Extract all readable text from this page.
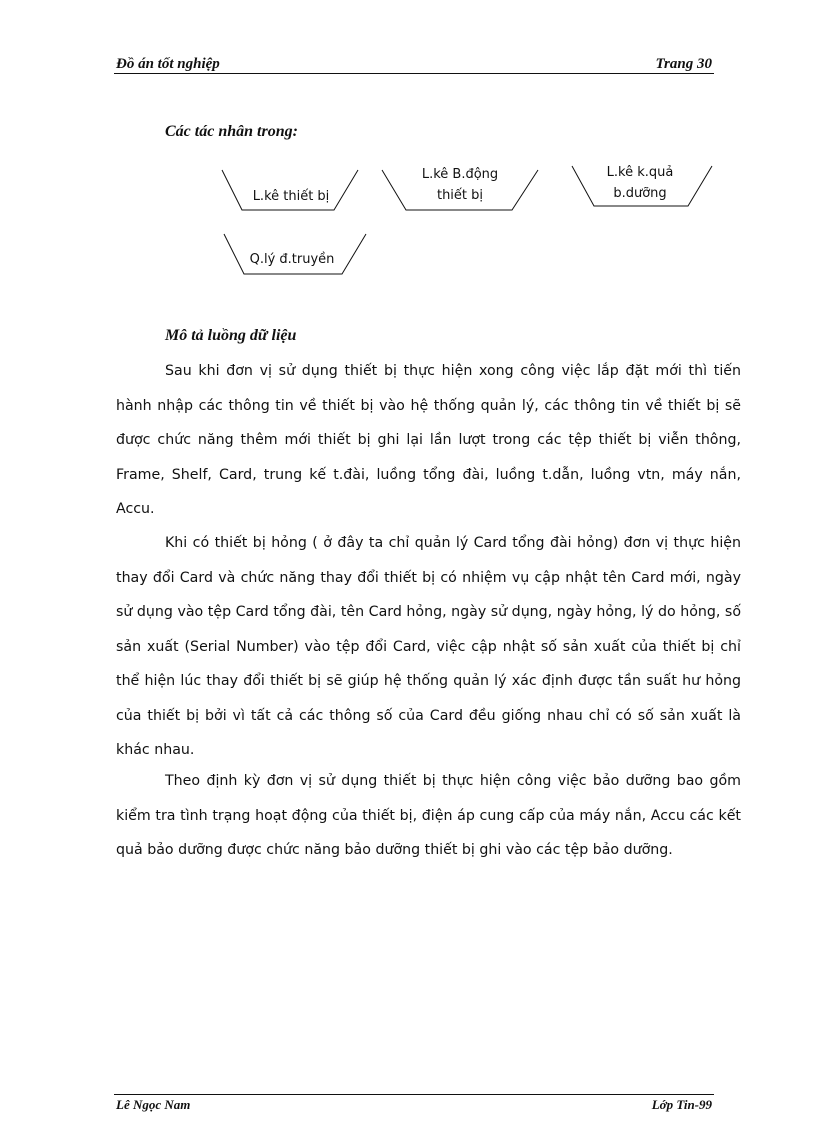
Đồ án tốt nghiệp	Trang 30
Các tác nhân trong:
L.kê thiết bị
L.kê B.động
thiết bị
L.kê k.quả
b.dưỡng
Q.lý đ.truyền
Mô tả luồng dữ liệu

Sau khi đơn vị sử dụng thiết bị thực hiện xong công việc lắp đặt mới thì tiến hành nhập các thông tin về thiết bị vào hệ thống quản lý, các thông tin về thiết bị sẽ được chức năng thêm mới thiết bị ghi lại lần lượt trong các tệp thiết bị viễn thông, Frame, Shelf, Card, trung kế t.đài, luồng tổng đài, luồng t.dẫn, luồng vtn, máy nắn, Accu.

Khi có thiết bị hỏng ( ở đây ta chỉ quản lý Card tổng đài hỏng) đơn vị thực hiện thay đổi Card và chức năng thay đổi thiết bị có nhiệm vụ cập nhật tên Card mới, ngày sử dụng vào tệp Card tổng đài, tên Card hỏng, ngày sử dụng, ngày hỏng, lý do hỏng, số sản xuất (Serial Number) vào tệp đổi Card, việc cập nhật số sản xuất của thiết bị chỉ thể hiện lúc thay đổi thiết bị sẽ giúp hệ thống quản lý xác định được tần suất hư hỏng của thiết bị bởi vì tất cả các thông số của Card đều giống nhau chỉ có số sản xuất là khác nhau.

Theo định kỳ đơn vị sử dụng thiết bị thực hiện công việc bảo dưỡng bao gồm kiểm tra tình trạng hoạt động của thiết bị, điện áp cung cấp của máy nắn, Accu các kết quả bảo dưỡng được chức năng bảo dưỡng thiết bị ghi vào các tệp bảo dưỡng.

Lê Ngọc Nam	Lớp Tin-99
